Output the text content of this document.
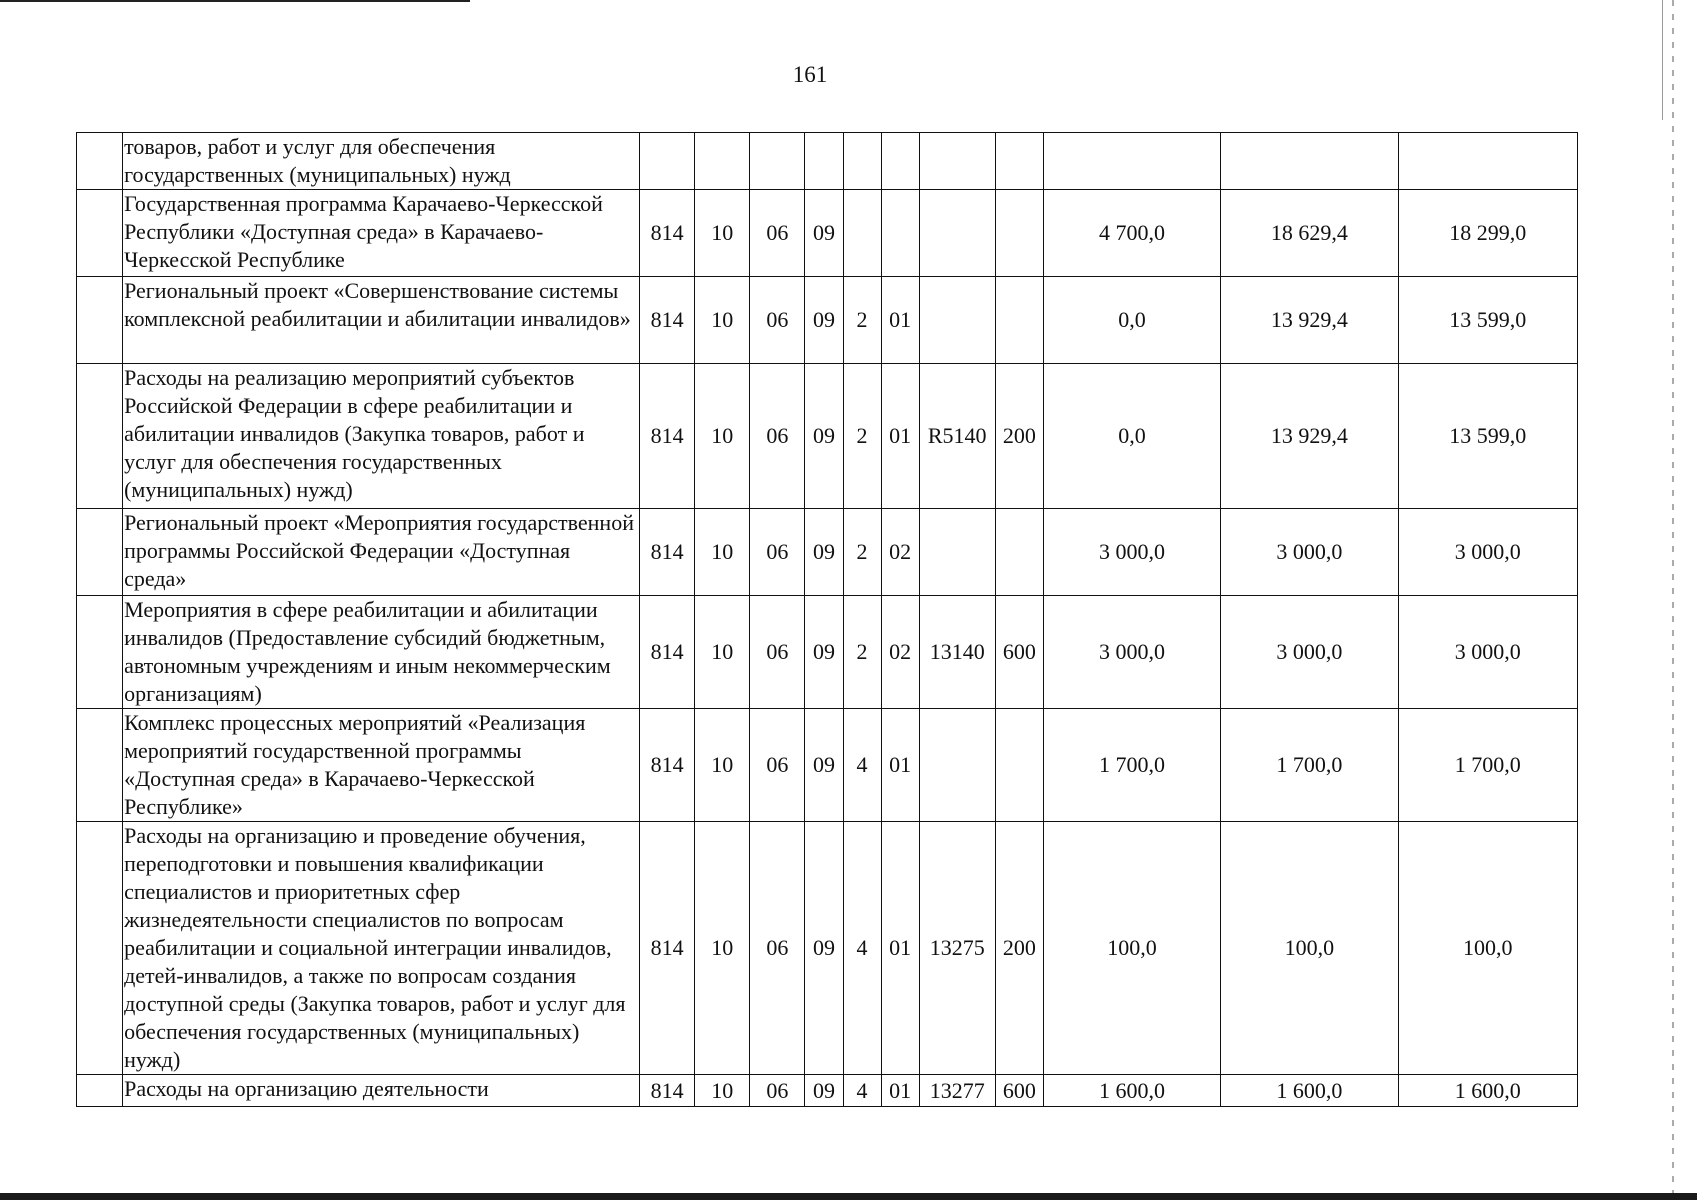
161
	товаров, работ и услуг для обеспечения государственных (муниципальных) нужд											
	Государственная программа Карачаево-Черкесской Республики «Доступная среда» в Карачаево-Черкесской Республике	814	10	06	09					4 700,0	18 629,4	18 299,0
	Региональный проект «Совершенствование системы комплексной реабилитации и абилитации инвалидов»	814	10	06	09	2	01			0,0	13 929,4	13 599,0
	Расходы на реализацию мероприятий субъектов Российской Федерации в сфере реабилитации и абилитации инвалидов (Закупка товаров, работ и услуг для обеспечения государственных (муниципальных) нужд)	814	10	06	09	2	01	R5140	200	0,0	13 929,4	13 599,0
	Региональный проект «Мероприятия государственной программы Российской Федерации «Доступная среда»	814	10	06	09	2	02			3 000,0	3 000,0	3 000,0
	Мероприятия в сфере реабилитации и абилитации инвалидов (Предоставление субсидий бюджетным, автономным учреждениям и иным некоммерческим организациям)	814	10	06	09	2	02	13140	600	3 000,0	3 000,0	3 000,0
	Комплекс процессных мероприятий «Реализация мероприятий государственной программы «Доступная среда» в Карачаево-Черкесской Республике»	814	10	06	09	4	01			1 700,0	1 700,0	1 700,0
	Расходы на организацию и проведение обучения, переподготовки и повышения квалификации специалистов и приоритетных сфер жизнедеятельности специалистов по вопросам реабилитации и социальной интеграции инвалидов, детей-инвалидов, а также по вопросам создания доступной среды (Закупка товаров, работ и услуг для обеспечения государственных (муниципальных) нужд)	814	10	06	09	4	01	13275	200	100,0	100,0	100,0
	Расходы на организацию деятельности	814	10	06	09	4	01	13277	600	1 600,0	1 600,0	1 600,0
